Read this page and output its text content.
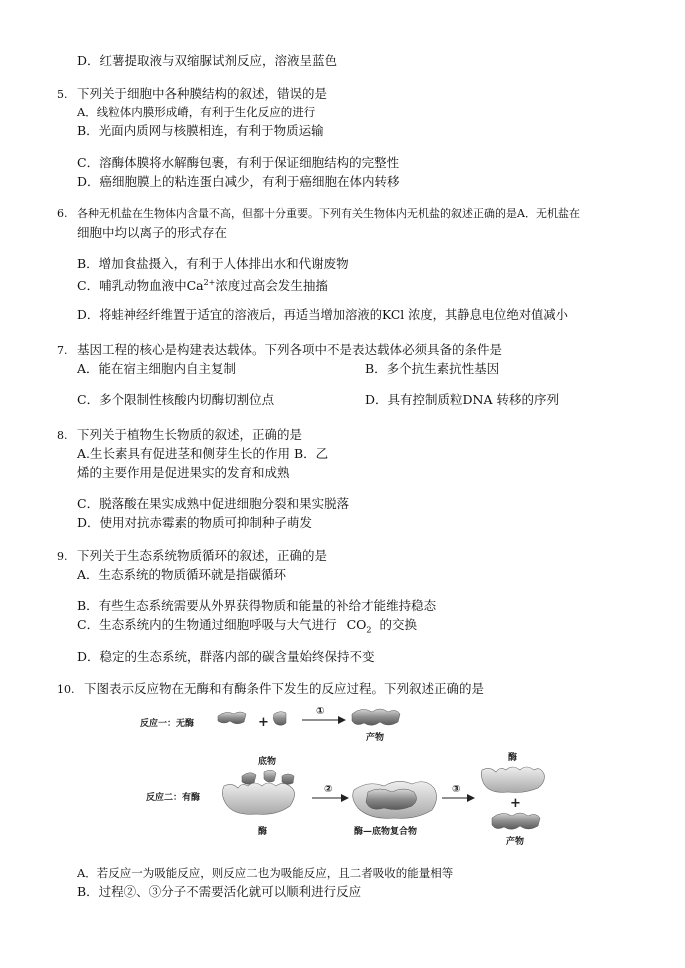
D．红薯提取液与双缩脲试剂反应，溶液呈蓝色
5. 下列关于细胞中各种膜结构的叙述，错误的是
A．线粒体内膜形成嵴，有利于生化反应的进行
B．光面内质网与核膜相连，有利于物质运输
C．溶酶体膜将水解酶包裹，有利于保证细胞结构的完整性
D．癌细胞膜上的粘连蛋白减少，有利于癌细胞在体内转移
6. 各种无机盐在生物体内含量不高，但都十分重要。下列有关生物体内无机盐的叙述正确的是A．无机盐在
细胞中均以离子的形式存在
B．增加食盐摄入，有利于人体排出水和代谢废物
C．哺乳动物血液中$Ca^{2+}$浓度过高会发生抽搐
D．将蛙神经纤维置于适宜的溶液后，再适当增加溶液的KCl 浓度，其静息电位绝对值减小
7. 基因工程的核心是构建表达载体。下列各项中不是表达载体必须具备的条件是
A．能在宿主细胞内自主复制	B．多个抗生素抗性基因
C．多个限制性核酸内切酶切割位点	D．具有控制质粒DNA 转移的序列
8. 下列关于植物生长物质的叙述，正确的是
A.生长素具有促进茎和侧芽生长的作用 B．乙
烯的主要作用是促进果实的发育和成熟
C．脱落酸在果实成熟中促进细胞分裂和果实脱落
D．使用对抗赤霉素的物质可抑制种子萌发
9. 下列关于生态系统物质循环的叙述，正确的是
A．生态系统的物质循环就是指碳循环
B．有些生态系统需要从外界获得物质和能量的补给才能维持稳态
C．生态系统内的生物通过细胞呼吸与大气进行 $CO_2$ 的交换
D．稳定的生态系统，群落内部的碳含量始终保持不变
10. 下图表示反应物在无酶和有酶条件下发生的反应过程。下列叙述正确的是
反应一：无酶	+
①
产物
反应二：有酶
底物
酶
②
酶—底物复合物
③
酶
+
产物
A．若反应一为吸能反应，则反应二也为吸能反应，且二者吸收的能量相等
B．过程②、③分子不需要活化就可以顺利进行反应
